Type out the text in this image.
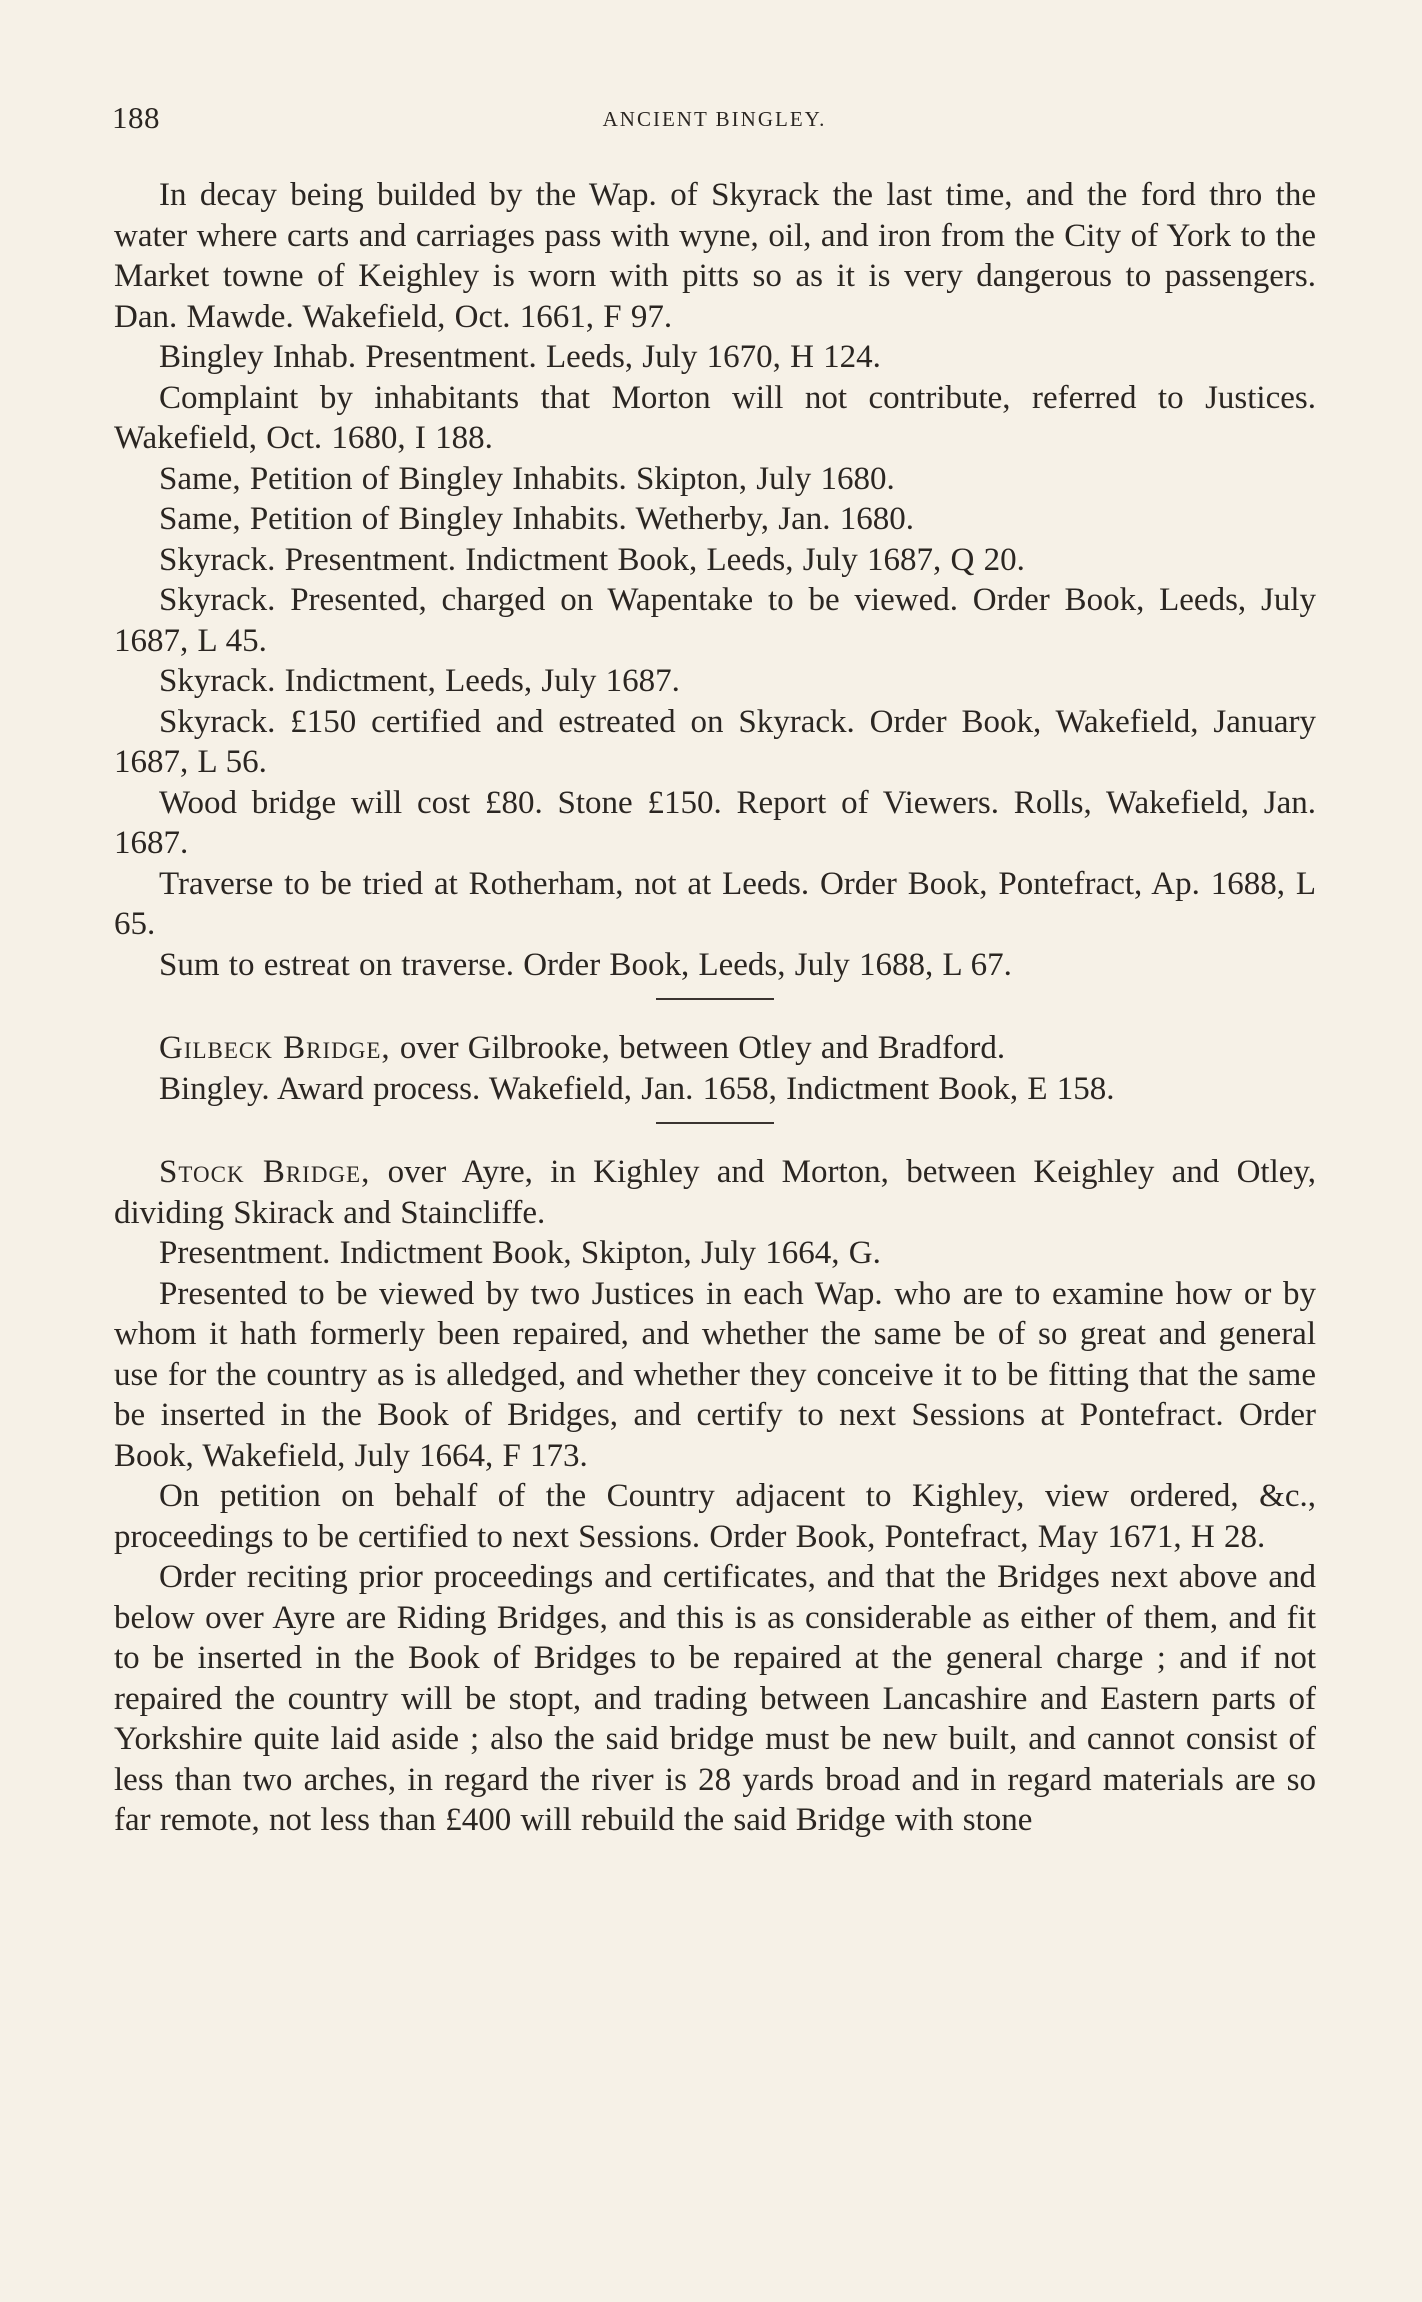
188	ANCIENT BINGLEY.

In decay being builded by the Wap. of Skyrack the last time, and the ford thro the water where carts and carriages pass with wyne, oil, and iron from the City of York to the Market towne of Keighley is worn with pitts so as it is very dangerous to passengers. Dan. Mawde. Wakefield, Oct. 1661, F 97.

Bingley Inhab. Presentment. Leeds, July 1670, H 124.

Complaint by inhabitants that Morton will not contribute, referred to Justices. Wakefield, Oct. 1680, I 188.

Same, Petition of Bingley Inhabits. Skipton, July 1680.

Same, Petition of Bingley Inhabits. Wetherby, Jan. 1680.

Skyrack. Presentment. Indictment Book, Leeds, July 1687, Q 20.

Skyrack. Presented, charged on Wapentake to be viewed. Order Book, Leeds, July 1687, L 45.

Skyrack. Indictment, Leeds, July 1687.

Skyrack. £150 certified and estreated on Skyrack. Order Book, Wakefield, January 1687, L 56.

Wood bridge will cost £80. Stone £150. Report of Viewers. Rolls, Wakefield, Jan. 1687.

Traverse to be tried at Rotherham, not at Leeds. Order Book, Pontefract, Ap. 1688, L 65.

Sum to estreat on traverse. Order Book, Leeds, July 1688, L 67.

Gilbeck Bridge, over Gilbrooke, between Otley and Bradford.

Bingley. Award process. Wakefield, Jan. 1658, Indictment Book, E 158.

Stock Bridge, over Ayre, in Kighley and Morton, between Keighley and Otley, dividing Skirack and Staincliffe.

Presentment. Indictment Book, Skipton, July 1664, G.

Presented to be viewed by two Justices in each Wap. who are to examine how or by whom it hath formerly been repaired, and whether the same be of so great and general use for the country as is alledged, and whether they conceive it to be fitting that the same be inserted in the Book of Bridges, and certify to next Sessions at Pontefract. Order Book, Wakefield, July 1664, F 173.

On petition on behalf of the Country adjacent to Kighley, view ordered, &c., proceedings to be certified to next Sessions. Order Book, Pontefract, May 1671, H 28.

Order reciting prior proceedings and certificates, and that the Bridges next above and below over Ayre are Riding Bridges, and this is as considerable as either of them, and fit to be inserted in the Book of Bridges to be repaired at the general charge ; and if not repaired the country will be stopt, and trading between Lancashire and Eastern parts of Yorkshire quite laid aside ; also the said bridge must be new built, and cannot consist of less than two arches, in regard the river is 28 yards broad and in regard materials are so far remote, not less than £400 will rebuild the said Bridge with stone
